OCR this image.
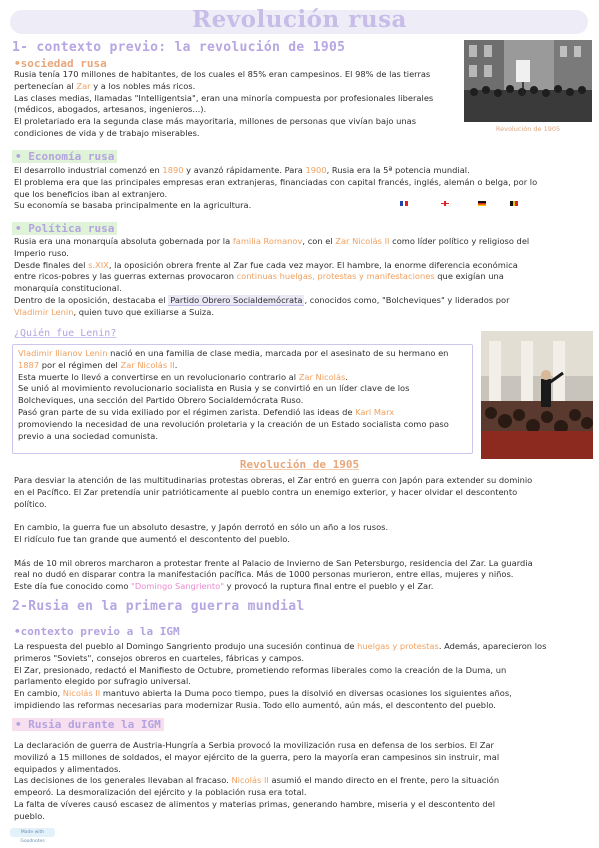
Revolución rusa
1- contexto previo: la revolución de 1905
•sociedad rusa

Rusia tenía 170 millones de habitantes, de los cuales el 85% eran campesinos. El 98% de las tierras

pertenecían al Zar y a los nobles más ricos.

Las clases medias, llamadas "Intelligentsia", eran una minoría compuesta por profesionales liberales

(médicos, abogados, artesanos, ingenieros...).

El proletariado era la segunda clase más mayoritaria, millones de personas que vivían bajo unas

condiciones de vida y de trabajo miserables.	Revolución de 1905
• Economía rusa

El desarrollo industrial comenzó en 1890 y avanzó rápidamente. Para 1900, Rusia era la 5ª potencia mundial.

El problema era que las principales empresas eran extranjeras, financiadas con capital francés, inglés, alemán o belga, por lo

que los beneficios iban al extranjero.

Su economía se basaba principalmente en la agricultura.

• Política rusa

Rusia era una monarquía absoluta gobernada por la familia Romanov, con el Zar Nicolás II como líder político y religioso del

Imperio ruso.

Desde finales del s.XIX, la oposición obrera frente al Zar fue cada vez mayor. El hambre, la enorme diferencia económica

entre ricos-pobres y las guerras externas provocaron continuas huelgas, protestas y manifestaciones que exigían una

monarquía constitucional.

Dentro de la oposición, destacaba el Partido Obrero Socialdemócrata , conocidos como, "Bolcheviques" y liderados por

Vladimir Lenin, quien tuvo que exiliarse a Suiza.

¿Quién fue Lenin?

Vladimir Ilianov Lenin nació en una familia de clase media, marcada por el asesinato de su hermano en

1887 por el régimen del Zar Nicolás II.

Esta muerte lo llevó a convertirse en un revolucionario contrario al Zar Nicolás.

Se unió al movimiento revolucionario socialista en Rusia y se convirtió en un líder clave de los

Bolcheviques, una sección del Partido Obrero Socialdemócrata Ruso.

Pasó gran parte de su vida exiliado por el régimen zarista. Defendió las ideas de Karl Marx

promoviendo la necesidad de una revolución proletaria y la creación de un Estado socialista como paso

previo a una sociedad comunista.

Revolución de 1905

Para desviar la atención de las multitudinarias protestas obreras, el Zar entró en guerra con Japón para extender su dominio

en el Pacífico. El Zar pretendía unir patrióticamente al pueblo contra un enemigo exterior, y hacer olvidar el descontento

político.

En cambio, la guerra fue un absoluto desastre, y Japón derrotó en sólo un año a los rusos.

El ridículo fue tan grande que aumentó el descontento del pueblo.

Más de 10 mil obreros marcharon a protestar frente al Palacio de Invierno de San Petersburgo, residencia del Zar. La guardia

real no dudó en disparar contra la manifestación pacífica. Más de 1000 personas murieron, entre ellas, mujeres y niños.

Este día fue conocido como "Domingo Sangriento" y provocó la ruptura final entre el pueblo y el Zar.

2-Rusia en la primera guerra mundial
•contexto previo a la IGM

La respuesta del pueblo al Domingo Sangriento produjo una sucesión continua de huelgas y protestas. Además, aparecieron los

primeros "Soviets", consejos obreros en cuarteles, fábricas y campos.

El Zar, presionado, redactó el Manifiesto de Octubre, prometiendo reformas liberales como la creación de la Duma, un

parlamento elegido por sufragio universal.

En cambio, Nicolás II mantuvo abierta la Duma poco tiempo, pues la disolvió en diversas ocasiones los siguientes años,

impidiendo las reformas necesarias para modernizar Rusia. Todo ello aumentó, aún más, el descontento del pueblo.

• Rusia durante la IGM

La declaración de guerra de Austria-Hungría a Serbia provocó la movilización rusa en defensa de los serbios. El Zar

movilizó a 15 millones de soldados, el mayor ejército de la guerra, pero la mayoría eran campesinos sin instruir, mal

equipados y alimentados.

Las decisiones de los generales llevaban al fracaso. Nicolás II asumió el mando directo en el frente, pero la situación

empeoró. La desmoralización del ejército y la población rusa era total.

La falta de víveres causó escasez de alimentos y materias primas, generando hambre, miseria y el descontento del

pueblo.

Made with Goodnotes
